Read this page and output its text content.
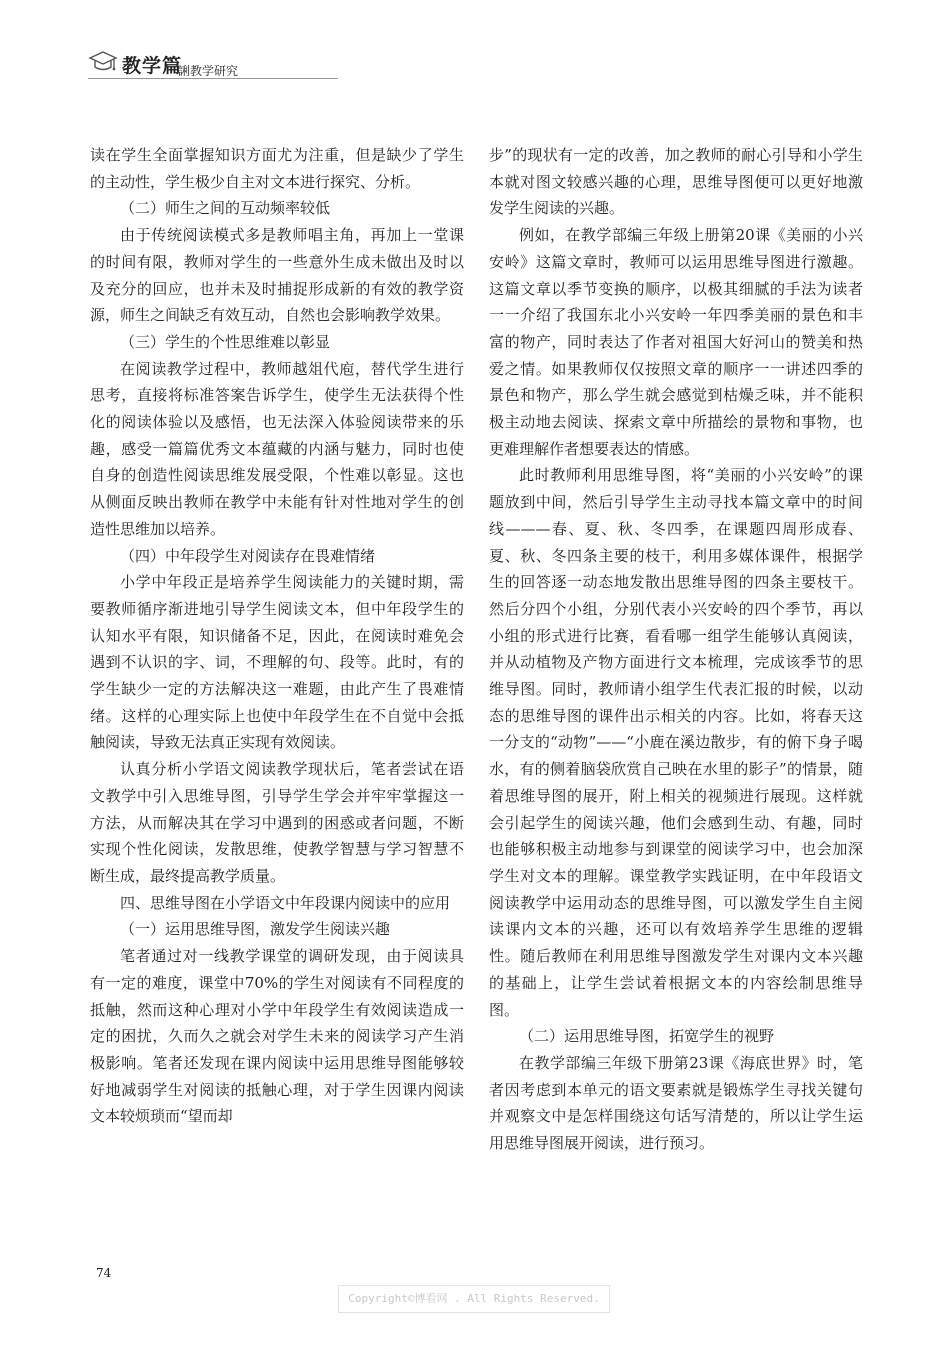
教学篇
誗教学研究

读在学生全面掌握知识方面尤为注重，但是缺少了学生的主动性，学生极少自主对文本进行探究、分析。

（二）师生之间的互动频率较低

由于传统阅读模式多是教师唱主角，再加上一堂课的时间有限，教师对学生的一些意外生成未做出及时以及充分的回应，也并未及时捕捉形成新的有效的教学资源，师生之间缺乏有效互动，自然也会影响教学效果。

（三）学生的个性思维难以彰显

在阅读教学过程中，教师越俎代庖，替代学生进行思考，直接将标准答案告诉学生，使学生无法获得个性化的阅读体验以及感悟，也无法深入体验阅读带来的乐趣，感受一篇篇优秀文本蕴藏的内涵与魅力，同时也使自身的创造性阅读思维发展受限，个性难以彰显。这也从侧面反映出教师在教学中未能有针对性地对学生的创造性思维加以培养。

（四）中年段学生对阅读存在畏难情绪

小学中年段正是培养学生阅读能力的关键时期，需要教师循序渐进地引导学生阅读文本，但中年段学生的认知水平有限，知识储备不足，因此，在阅读时难免会遇到不认识的字、词，不理解的句、段等。此时，有的学生缺少一定的方法解决这一难题，由此产生了畏难情绪。这样的心理实际上也使中年段学生在不自觉中会抵触阅读，导致无法真正实现有效阅读。

认真分析小学语文阅读教学现状后，笔者尝试在语文教学中引入思维导图，引导学生学会并牢牢掌握这一方法，从而解决其在学习中遇到的困惑或者问题，不断实现个性化阅读，发散思维，使教学智慧与学习智慧不断生成，最终提高教学质量。

四、思维导图在小学语文中年段课内阅读中的应用

（一）运用思维导图，激发学生阅读兴趣

笔者通过对一线教学课堂的调研发现，由于阅读具有一定的难度，课堂中70%的学生对阅读有不同程度的抵触，然而这种心理对小学中年段学生有效阅读造成一定的困扰，久而久之就会对学生未来的阅读学习产生消极影响。笔者还发现在课内阅读中运用思维导图能够较好地减弱学生对阅读的抵触心理，对于学生因课内阅读文本较烦琐而“望而却

步”的现状有一定的改善，加之教师的耐心引导和小学生本就对图文较感兴趣的心理，思维导图便可以更好地激发学生阅读的兴趣。

例如，在教学部编三年级上册第20课《美丽的小兴安岭》这篇文章时，教师可以运用思维导图进行激趣。这篇文章以季节变换的顺序，以极其细腻的手法为读者一一介绍了我国东北小兴安岭一年四季美丽的景色和丰富的物产，同时表达了作者对祖国大好河山的赞美和热爱之情。如果教师仅仅按照文章的顺序一一讲述四季的景色和物产，那么学生就会感觉到枯燥乏味，并不能积极主动地去阅读、探索文章中所描绘的景物和事物，也更难理解作者想要表达的情感。

此时教师利用思维导图，将“美丽的小兴安岭”的课题放到中间，然后引导学生主动寻找本篇文章中的时间线———春、夏、秋、冬四季，在课题四周形成春、夏、秋、冬四条主要的枝干，利用多媒体课件，根据学生的回答逐一动态地发散出思维导图的四条主要枝干。然后分四个小组，分别代表小兴安岭的四个季节，再以小组的形式进行比赛，看看哪一组学生能够认真阅读，并从动植物及产物方面进行文本梳理，完成该季节的思维导图。同时，教师请小组学生代表汇报的时候，以动态的思维导图的课件出示相关的内容。比如，将春天这一分支的“动物”——“小鹿在溪边散步，有的俯下身子喝水，有的侧着脑袋欣赏自己映在水里的影子”的情景，随着思维导图的展开，附上相关的视频进行展现。这样就会引起学生的阅读兴趣，他们会感到生动、有趣，同时也能够积极主动地参与到课堂的阅读学习中，也会加深学生对文本的理解。课堂教学实践证明，在中年段语文阅读教学中运用动态的思维导图，可以激发学生自主阅读课内文本的兴趣，还可以有效培养学生思维的逻辑性。随后教师在利用思维导图激发学生对课内文本兴趣的基础上，让学生尝试着根据文本的内容绘制思维导图。

（二）运用思维导图，拓宽学生的视野

在教学部编三年级下册第23课《海底世界》时，笔者因考虑到本单元的语文要素就是锻炼学生寻找关键句并观察文中是怎样围绕这句话写清楚的，所以让学生运用思维导图展开阅读，进行预习。

74
Copyright©博看网 . All Rights Reserved.
